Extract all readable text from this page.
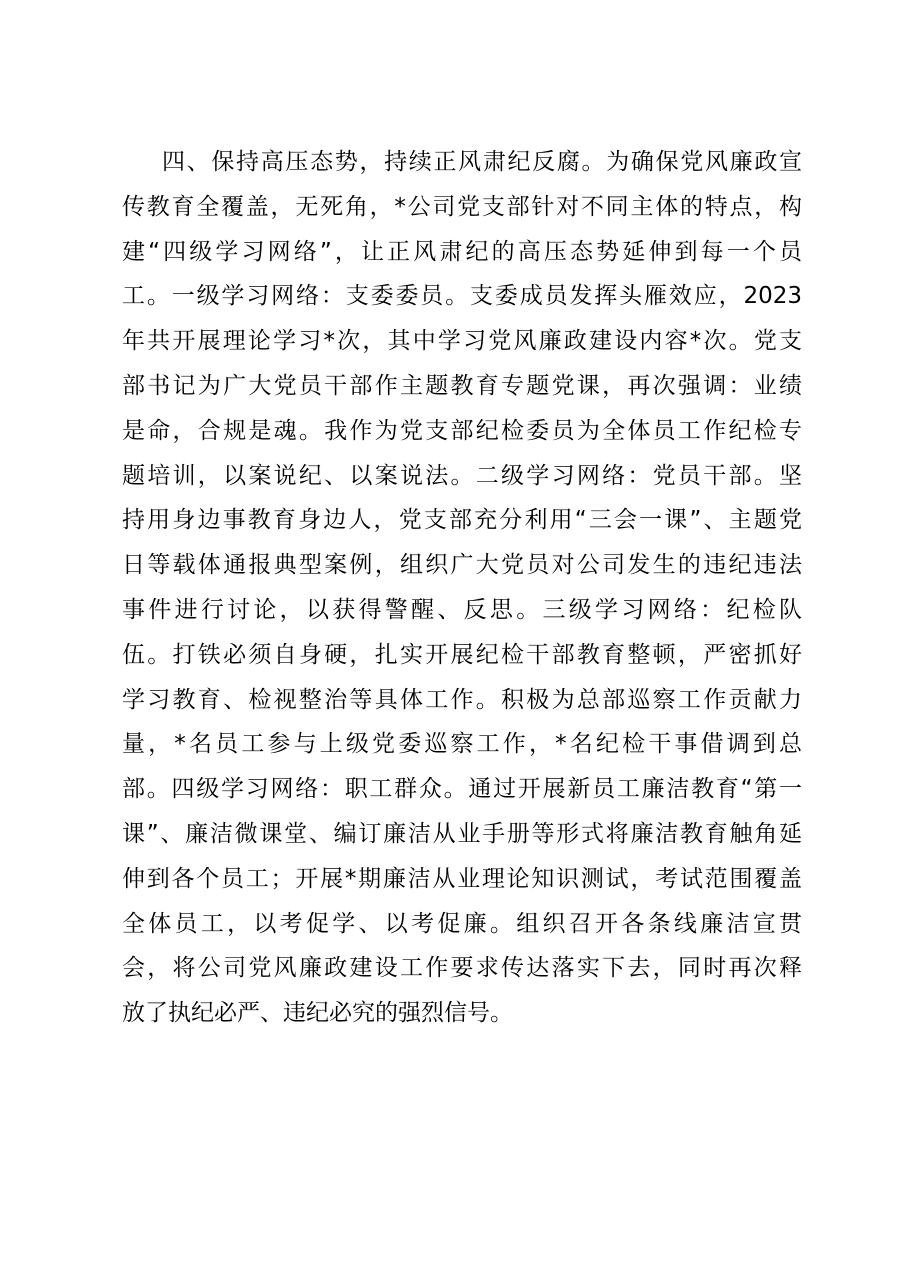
四、保持高压态势，持续正风肃纪反腐。为确保党风廉政宣
传教育全覆盖，无死角，*公司党支部针对不同主体的特点，构
建“四级学习网络”，让正风肃纪的高压态势延伸到每一个员
工。一级学习网络：支委委员。支委成员发挥头雁效应，2023
年共开展理论学习*次，其中学习党风廉政建设内容*次。党支
部书记为广大党员干部作主题教育专题党课，再次强调：业绩
是命，合规是魂。我作为党支部纪检委员为全体员工作纪检专
题培训，以案说纪、以案说法。二级学习网络：党员干部。坚
持用身边事教育身边人，党支部充分利用“三会一课”、主题党
日等载体通报典型案例，组织广大党员对公司发生的违纪违法
事件进行讨论，以获得警醒、反思。三级学习网络：纪检队
伍。打铁必须自身硬，扎实开展纪检干部教育整顿，严密抓好
学习教育、检视整治等具体工作。积极为总部巡察工作贡献力
量，*名员工参与上级党委巡察工作，*名纪检干事借调到总
部。四级学习网络：职工群众。通过开展新员工廉洁教育“第一
课”、廉洁微课堂、编订廉洁从业手册等形式将廉洁教育触角延
伸到各个员工；开展*期廉洁从业理论知识测试，考试范围覆盖
全体员工，以考促学、以考促廉。组织召开各条线廉洁宣贯
会，将公司党风廉政建设工作要求传达落实下去，同时再次释
放了执纪必严、违纪必究的强烈信号。
